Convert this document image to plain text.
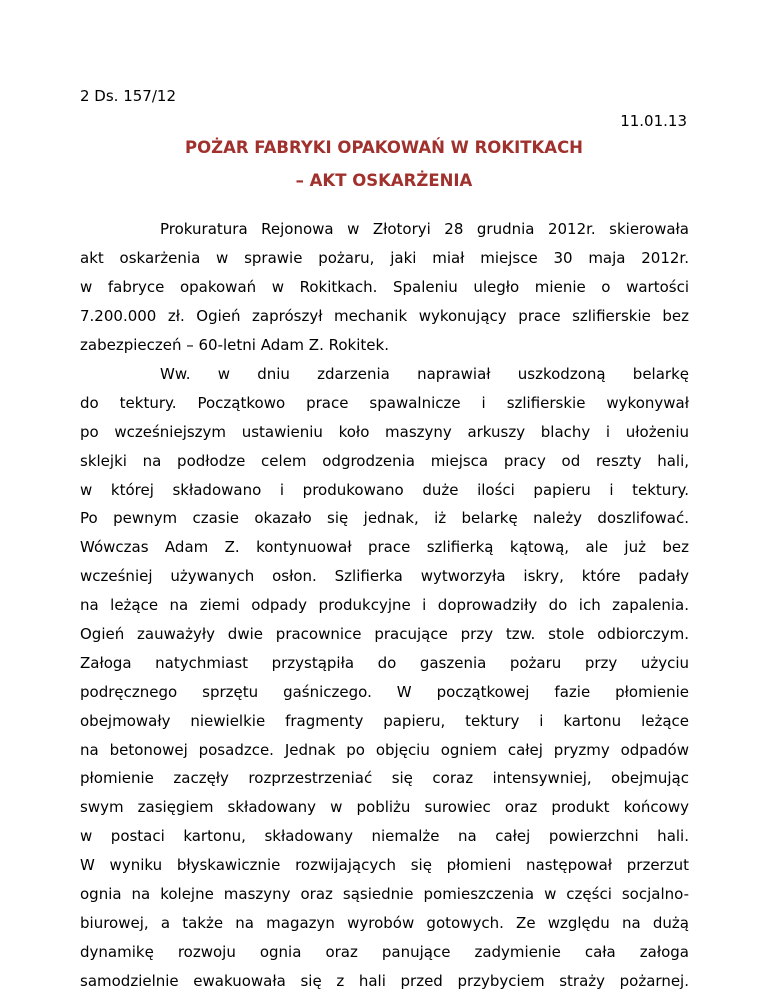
2 Ds. 157/12
11.01.13
POŻAR FABRYKI OPAKOWAŃ W ROKITKACH
– AKT OSKARŻENIA
Prokuratura Rejonowa w Złotoryi 28 grudnia 2012r. skierowała
akt oskarżenia w sprawie pożaru, jaki miał miejsce 30 maja 2012r.
w fabryce opakowań w Rokitkach. Spaleniu uległo mienie o wartości
7.200.000 zł. Ogień zaprószył mechanik wykonujący prace szlifierskie bez
zabezpieczeń – 60-letni Adam Z. Rokitek.
Ww. w dniu zdarzenia naprawiał uszkodzoną belarkę
do tektury. Początkowo prace spawalnicze i szlifierskie wykonywał
po wcześniejszym ustawieniu koło maszyny arkuszy blachy i ułożeniu
sklejki na podłodze celem odgrodzenia miejsca pracy od reszty hali,
w której składowano i produkowano duże ilości papieru i tektury.
Po pewnym czasie okazało się jednak, iż belarkę należy doszlifować.
Wówczas Adam Z. kontynuował prace szlifierką kątową, ale już bez
wcześniej używanych osłon. Szlifierka wytworzyła iskry, które padały
na leżące na ziemi odpady produkcyjne i doprowadziły do ich zapalenia.
Ogień zauważyły dwie pracownice pracujące przy tzw. stole odbiorczym.
Załoga natychmiast przystąpiła do gaszenia pożaru przy użyciu
podręcznego sprzętu gaśniczego. W początkowej fazie płomienie
obejmowały niewielkie fragmenty papieru, tektury i kartonu leżące
na betonowej posadzce. Jednak po objęciu ogniem całej pryzmy odpadów
płomienie zaczęły rozprzestrzeniać się coraz intensywniej, obejmując
swym zasięgiem składowany w pobliżu surowiec oraz produkt końcowy
w postaci kartonu, składowany niemalże na całej powierzchni hali.
W wyniku błyskawicznie rozwijających się płomieni następował przerzut
ognia na kolejne maszyny oraz sąsiednie pomieszczenia w części socjalno-
biurowej, a także na magazyn wyrobów gotowych. Ze względu na dużą
dynamikę rozwoju ognia oraz panujące zadymienie cała załoga
samodzielnie ewakuowała się z hali przed przybyciem straży pożarnej.
